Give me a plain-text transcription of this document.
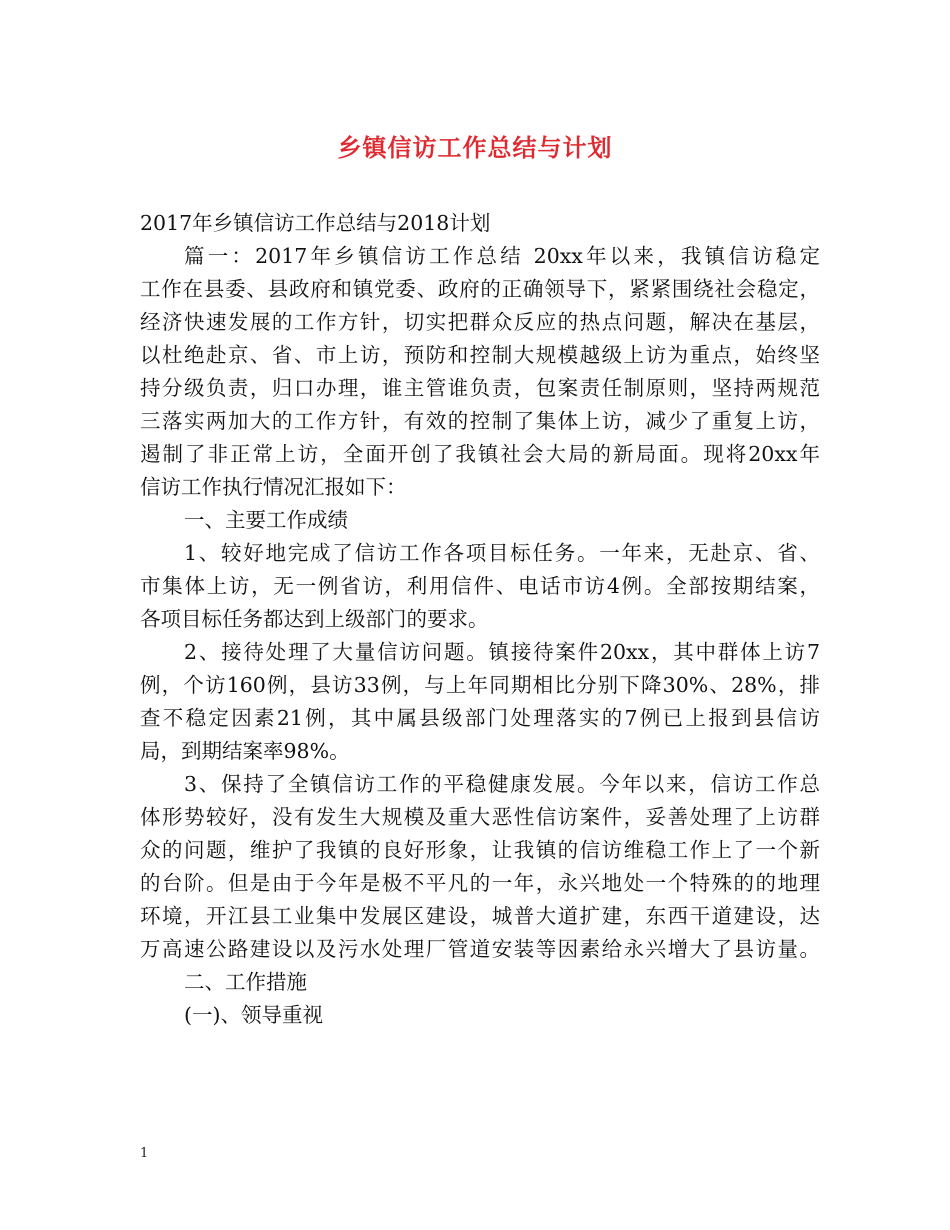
乡镇信访工作总结与计划
2017年乡镇信访工作总结与2018计划
篇一：2017年乡镇信访工作总结 20xx年以来，我镇信访稳定
工作在县委、县政府和镇党委、政府的正确领导下，紧紧围绕社会稳定，
经济快速发展的工作方针，切实把群众反应的热点问题，解决在基层，
以杜绝赴京、省、市上访，预防和控制大规模越级上访为重点，始终坚
持分级负责，归口办理，谁主管谁负责，包案责任制原则，坚持两规范
三落实两加大的工作方针，有效的控制了集体上访，减少了重复上访，
遏制了非正常上访，全面开创了我镇社会大局的新局面。现将20xx年
信访工作执行情况汇报如下：
一、主要工作成绩
1、较好地完成了信访工作各项目标任务。一年来，无赴京、省、
市集体上访，无一例省访，利用信件、电话市访4例。全部按期结案，
各项目标任务都达到上级部门的要求。
2、接待处理了大量信访问题。镇接待案件20xx，其中群体上访7
例，个访160例，县访33例，与上年同期相比分别下降30%、28%，排
查不稳定因素21例，其中属县级部门处理落实的7例已上报到县信访
局，到期结案率98%。
3、保持了全镇信访工作的平稳健康发展。今年以来，信访工作总
体形势较好，没有发生大规模及重大恶性信访案件，妥善处理了上访群
众的问题，维护了我镇的良好形象，让我镇的信访维稳工作上了一个新
的台阶。但是由于今年是极不平凡的一年，永兴地处一个特殊的的地理
环境，开江县工业集中发展区建设，城普大道扩建，东西干道建设，达
万高速公路建设以及污水处理厂管道安装等因素给永兴增大了县访量。
二、工作措施
(一)、领导重视
1
